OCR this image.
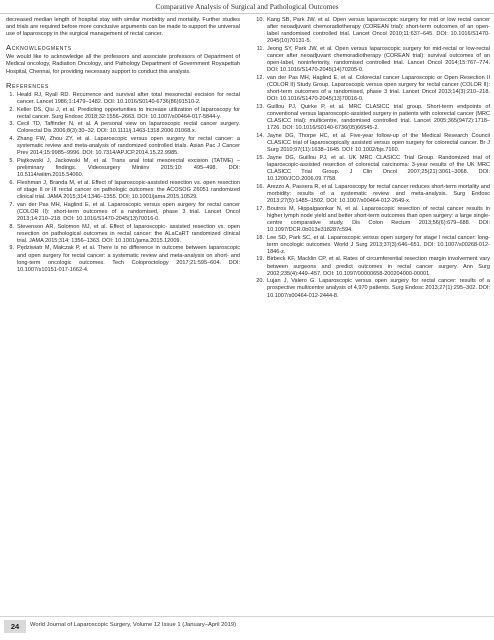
Comparative Analysis of Surgical and Pathological Outcomes

decreased median length of hospital stay with similar morbidity and mortality. Further studies and trials are required before more conclusive arguments can be made to support the universal use of laparoscopy in the surgical management of rectal cancer.

Acknowledgments

We would like to acknowledge all the professors and associate professors of Department of Medical oncology, Radiation Oncology, and Pathology Department of Government Royapettah Hospital, Chennai, for providing necessary support to conduct this analysis.

References
1. Heald RJ, Ryall RD. Recurrence and survival after total mesorectal excision for rectal cancer. Lancet 1986;1:1479–1482. DOI: 10.1016/S0140-6736(86)91510-2.
2. Keller DS, Qiu J, et al. Predicting opportunities to increase utilization of laparoscopy for rectal cancer. Surg Endosc 2018;32:1556–2663. DOI: 10.1007/s00464-017-5844-y.
3. Cecil TD, Taffinder N, et al. A personal view on laparoscopic rectal cancer surgery. Colorectal Dis 2006;8(3):30–32. DOI: 10.1111/j.1463-1318.2006.01068.x.
4. Zhang FW, Zhou ZY, et al. Laparoscopic versus open surgery for rectal cancer: a systematic review and meta-analysis of randomized controlled trials. Asian Pac J Cancer Prev 2014;15:9985–9996. DOI: 10.7314/APJCP.2014.15.22.9985.
5. Piątkowski J, Jackowski M, et al. Trans anal total mesorectal excision (TATME) – preliminary findings. Videosurgery Miniinv 2015;10: 495–498. DOI: 10.5114/wiitm.2015.54060.
6. Fleshman J, Branda M, et al. Effect of laparoscopic-assisted resection vs. open resection of stage II or III rectal cancer on pathologic outcomes: the ACOSOG Z6051 randomized clinical trial. JAMA 2015;314:1346–1355. DOI: 10.1001/jama.2015.10529.
7. van der Pas MH, Haglind E, et al. Laparoscopic versus open surgery for rectal cancer (COLOR II): short-term outcomes of a randomised, phase 3 trial. Lancet Oncol 2013;14:210–218. DOI: 10.1016/S1470-2045(13)70016-0.
8. Stevenson AR, Solomon MJ, et al. Effect of laparoscopic- assisted resection vs. open resection on pathological outcomes in rectal cancer: the ALaCaRT randomized clinical trial. JAMA 2015;314: 1356–1363. DOI: 10.1001/jama.2015.12009.
9. Pędziwiatr M, Małczak P, et al. There is no difference in outcome between laparoscopic and open surgery for rectal cancer: a systematic review and meta-analysis on short- and long-term oncologic outcomes. Tech Coloproctology 2017;21:595–604. DOI: 10.1007/s10151-017-1662-4.
10. Kang SB, Park JW, et al. Open versus laparoscopic surgery for mid or low rectal cancer after neoadjuvant chemoradiotherapy (COREAN trial): short-term outcomes of an open-label randomised controlled trial. Lancet Oncol 2010;11:637–645. DOI: 10.1016/S1470-2045(10)70131-5.
11. Jeong SY, Park JW, et al. Open versus laparoscopic surgery for mid-rectal or low-rectal cancer after neoadjuvant chemoradiotherapy (COREAN trial): survival outcomes of an open-label, noninferiority, randomised controlled trial. Lancet Oncol 2014;15:767–774. DOI: 10.1016/S1470-2045(14)70205-0.
12. van der Pas MH, Haglind E, et al. Colorectal cancer Laparoscopic or Open Resection II (COLOR II) Study Group. Laparoscopic versus open surgery for rectal cancer (COLOR II): short-term outcomes of a randomised, phase 3 trial. Lancet Oncol 2013;14(3):210–218. DOI: 10.1016/S1470-2045(13)70016-0.
13. Guillou PJ, Quirke P, et al. MRC CLASICC trial group. Short-term endpoints of conventional versus laparoscopic-assisted surgery in patients with colorectal cancer (MRC CLASICC trial): multicentre, randomised controlled trial. Lancet 2005;365(9472):1718–1726. DOI: 10.1016/S0140-6736(05)66545-2.
14. Jayne DG, Thorpe HC, et al. Five-year follow-up of the Medical Research Council CLASICC trial of laparoscopically assisted versus open surgery for colorectal cancer. Br J Surg 2010;97(11):1638–1645. DOI: 10.1002/bjs.7160.
15. Jayne DG, Guillou PJ, et al. UK MRC CLASICC Trial Group. Randomized trial of laparoscopic-assisted resection of colorectal carcinoma: 3-year results of the UK MRC CLASICC Trial Group. J Clin Oncol 2007;25(21):3061–3068. DOI: 10.1200/JCO.2006.09.7758.
16. Arezzo A, Passera R, et al. Laparoscopy for rectal cancer reduces short-term mortality and morbidity: results of a systematic review and meta-analysis. Surg Endosc 2013;27(5):1485–1502. DOI: 10.1007/s00464-012-2649-x.
17. Boutros M, Hippalgaonkar N, et al. Laparoscopic resection of rectal cancer results in higher lymph node yield and better short-term outcomes than open surgery: a large single-centre comparative study. Dis Colon Rectum 2013;56(6):679–688. DOI: 10.1097/DCR.0b013e318287c594.
18. Lee SD, Park SC, et al. Laparoscopic versus open surgery for stage I rectal cancer: long-term oncologic outcomes. World J Surg 2013;37(3):646–651. DOI: 10.1007/s00268-012-1846-z.
19. Birbeck KF, Macklin CP, et al. Rates of circumferential resection margin involvement vary between surgeons and predict outcomes in rectal cancer surgery. Ann Surg 2002;235(4):449–457. DOI: 10.1097/00000658-200204000-00001.
20. Lujan J, Valero G. Laparoscopic versus open surgery for rectal cancer: results of a prospective multicentre analysis of 4,970 patients. Surg Endosc 2013;27(1):295–302. DOI: 10.1007/s00464-012-2444-8.
24	World Journal of Laparoscopic Surgery, Volume 12 Issue 1 (January–April 2019)
